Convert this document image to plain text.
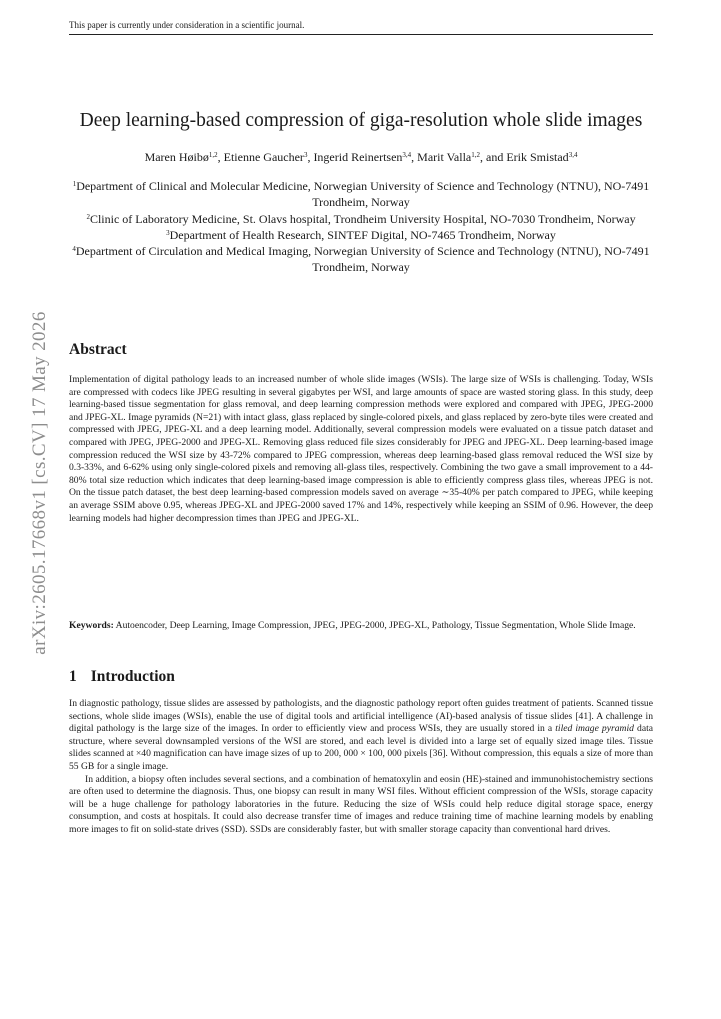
This paper is currently under consideration in a scientific journal.
arXiv:2605.17668v1 [cs.CV] 17 May 2026
Deep learning-based compression of giga-resolution whole slide images
Maren Høibø$^{1,2}$, Etienne Gaucher$^3$, Ingerid Reinertsen$^{3,4}$, Marit Valla$^{1,2}$, and Erik Smistad$^{3,4}$
$^1$Department of Clinical and Molecular Medicine, Norwegian University of Science and Technology (NTNU), NO-7491 Trondheim, Norway
$^2$Clinic of Laboratory Medicine, St. Olavs hospital, Trondheim University Hospital, NO-7030 Trondheim, Norway
$^3$Department of Health Research, SINTEF Digital, NO-7465 Trondheim, Norway
$^4$Department of Circulation and Medical Imaging, Norwegian University of Science and Technology (NTNU), NO-7491 Trondheim, Norway
Abstract

Implementation of digital pathology leads to an increased number of whole slide images (WSIs). The large size of WSIs is challenging. Today, WSIs are compressed with codecs like JPEG resulting in several gigabytes per WSI, and large amounts of space are wasted storing glass. In this study, deep learning-based tissue segmentation for glass removal, and deep learning compression methods were explored and compared with JPEG, JPEG-2000 and JPEG-XL. Image pyramids (N=21) with intact glass, glass replaced by single-colored pixels, and glass replaced by zero-byte tiles were created and compressed with JPEG, JPEG-XL and a deep learning model. Additionally, several compression models were evaluated on a tissue patch dataset and compared with JPEG, JPEG-2000 and JPEG-XL. Removing glass reduced file sizes considerably for JPEG and JPEG-XL. Deep learning-based image compression reduced the WSI size by 43-72% compared to JPEG compression, whereas deep learning-based glass removal reduced the WSI size by 0.3-33%, and 6-62% using only single-colored pixels and removing all-glass tiles, respectively. Combining the two gave a small improvement to a 44-80% total size reduction which indicates that deep learning-based image compression is able to efficiently compress glass tiles, whereas JPEG is not. On the tissue patch dataset, the best deep learning-based compression models saved on average ∼35-40% per patch compared to JPEG, while keeping an average SSIM above 0.95, whereas JPEG-XL and JPEG-2000 saved 17% and 14%, respectively while keeping an SSIM of 0.96. However, the deep learning models had higher decompression times than JPEG and JPEG-XL.

Keywords: Autoencoder, Deep Learning, Image Compression, JPEG, JPEG-2000, JPEG-XL, Pathology, Tissue Segmentation, Whole Slide Image.

1 Introduction

In diagnostic pathology, tissue slides are assessed by pathologists, and the diagnostic pathology report often guides treatment of patients. Scanned tissue sections, whole slide images (WSIs), enable the use of digital tools and artificial intelligence (AI)-based analysis of tissue slides [41]. A challenge in digital pathology is the large size of the images. In order to efficiently view and process WSIs, they are usually stored in a tiled image pyramid data structure, where several downsampled versions of the WSI are stored, and each level is divided into a large set of equally sized image tiles. Tissue slides scanned at ×40 magnification can have image sizes of up to 200, 000 × 100, 000 pixels [36]. Without compression, this equals a size of more than 55 GB for a single image.

In addition, a biopsy often includes several sections, and a combination of hematoxylin and eosin (HE)-stained and immunohistochemistry sections are often used to determine the diagnosis. Thus, one biopsy can result in many WSI files. Without efficient compression of the WSIs, storage capacity will be a huge challenge for pathology laboratories in the future. Reducing the size of WSIs could help reduce digital storage space, energy consumption, and costs at hospitals. It could also decrease transfer time of images and reduce training time of machine learning models by enabling more images to fit on solid-state drives (SSD). SSDs are considerably faster, but with smaller storage capacity than conventional hard drives.
